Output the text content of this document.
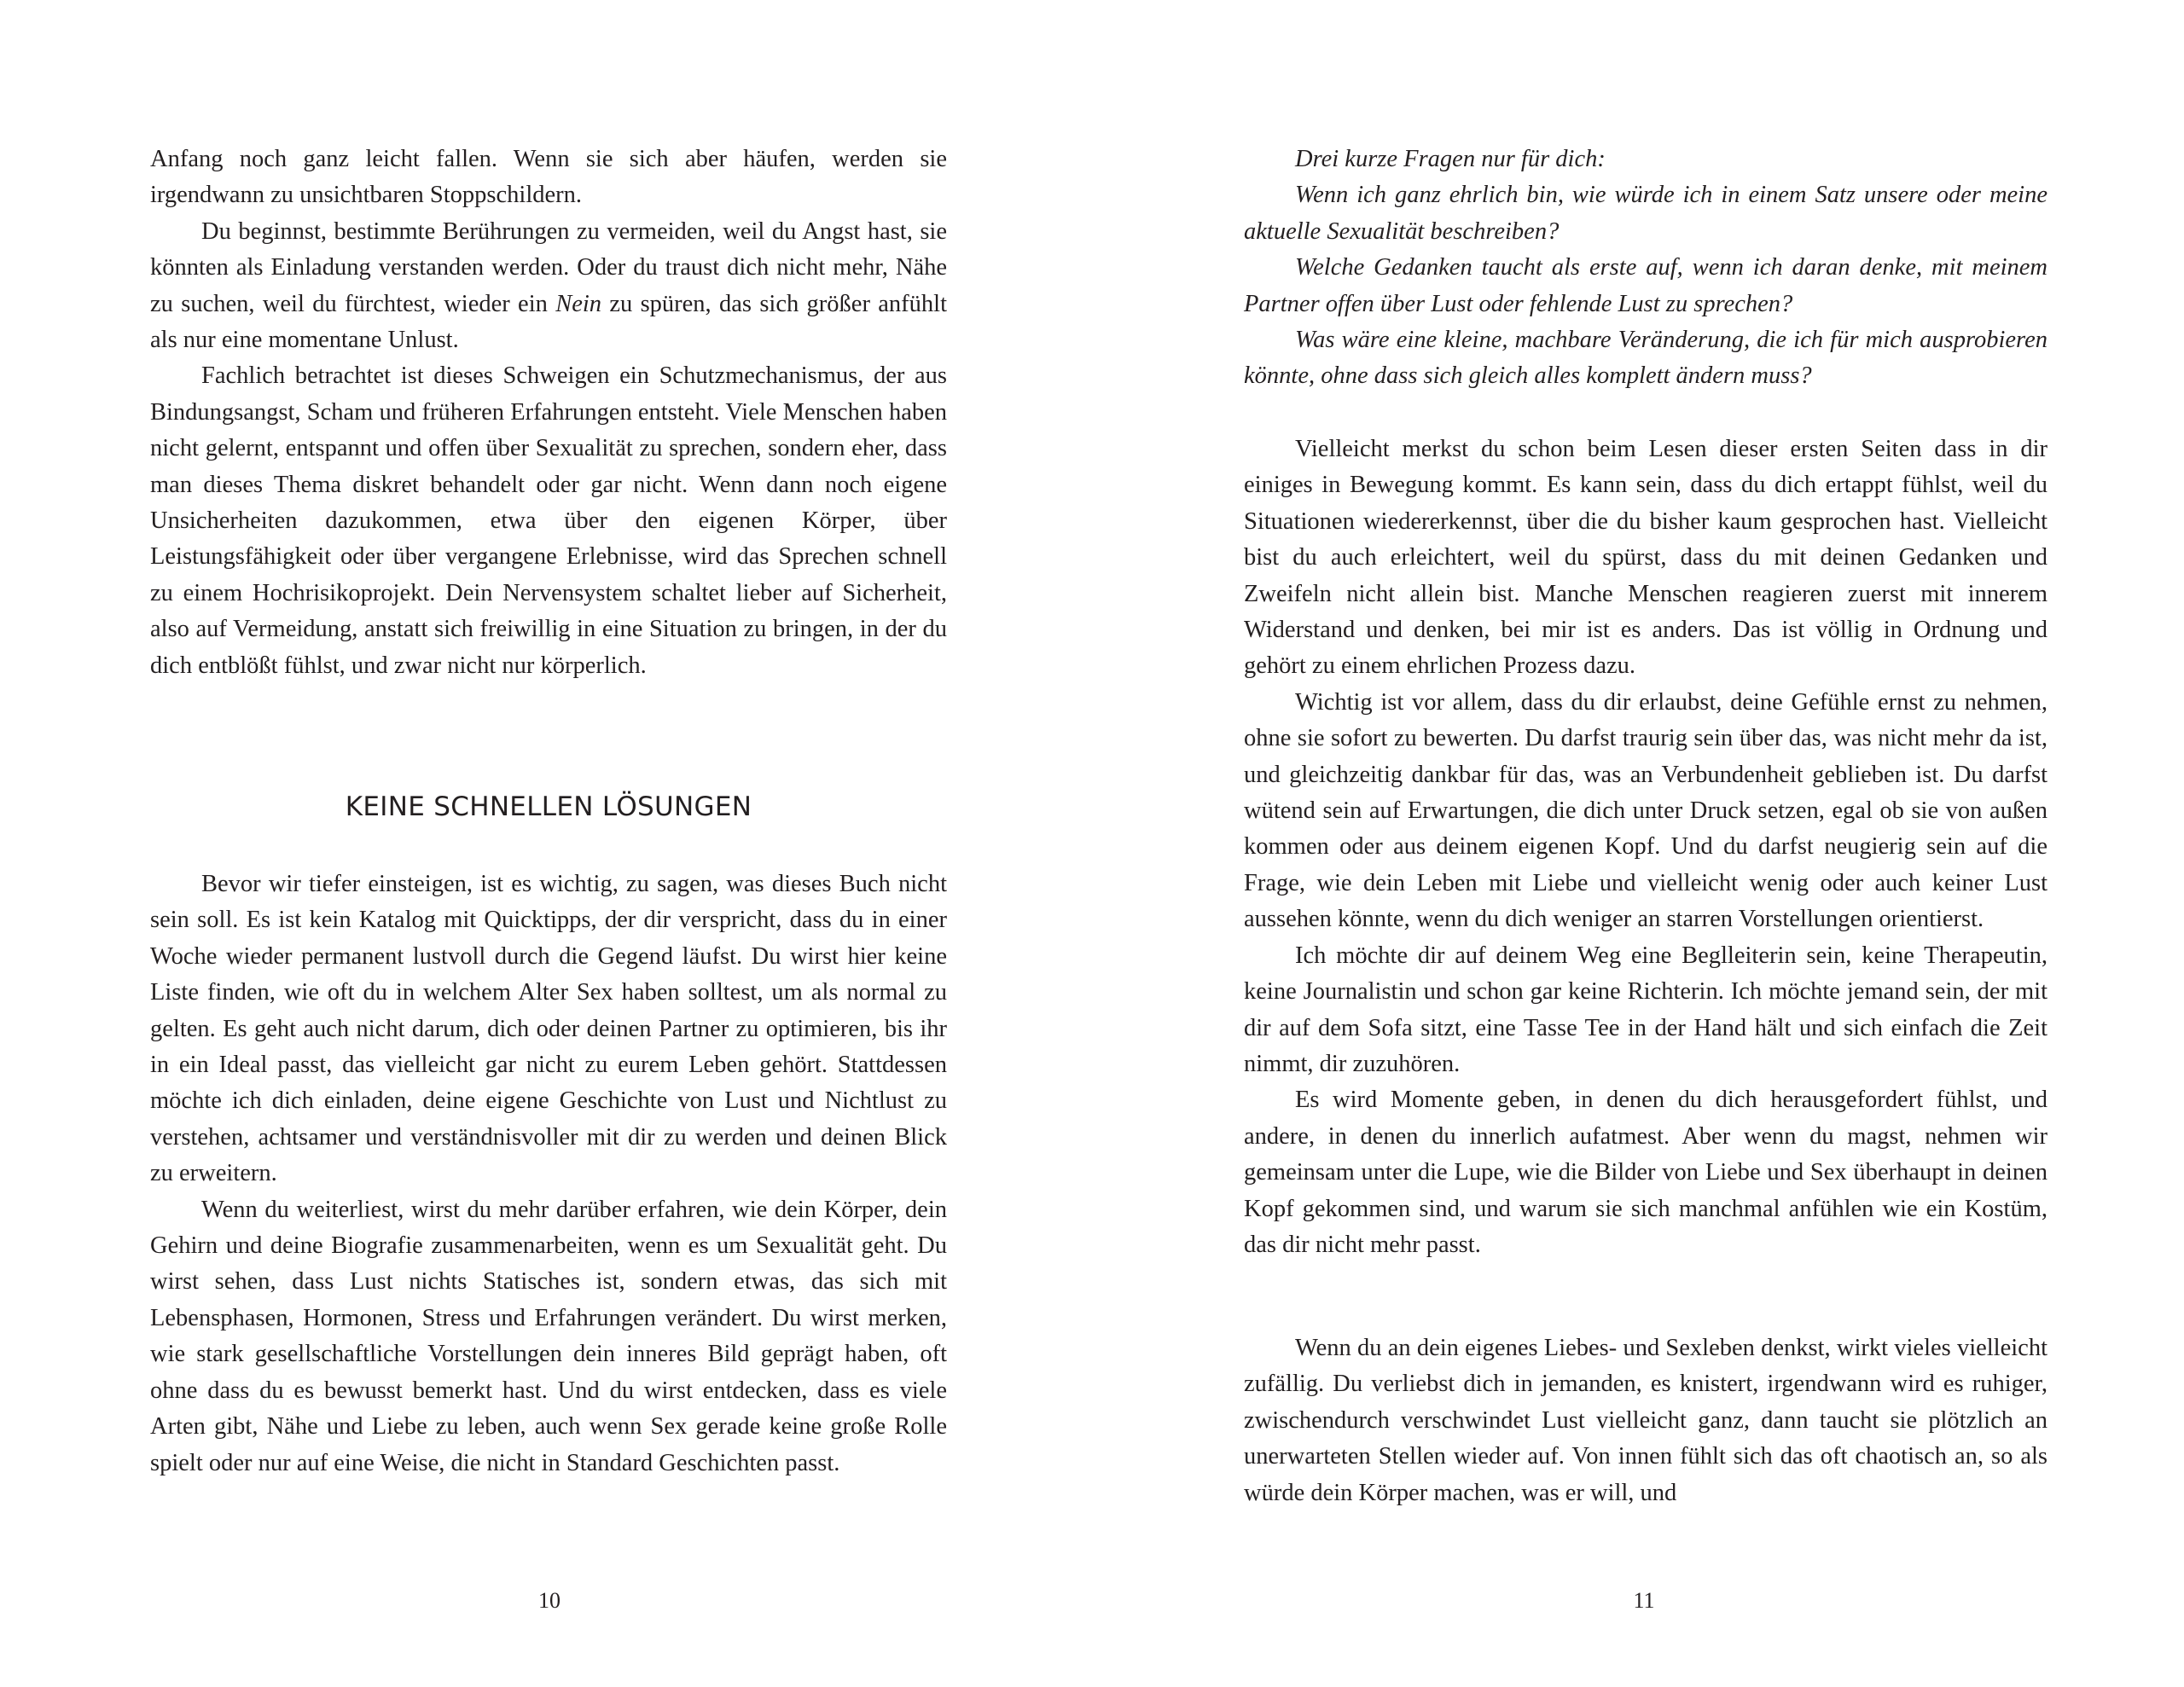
Anfang noch ganz leicht fallen. Wenn sie sich aber häufen, werden sie irgendwann zu unsichtbaren Stoppschildern.

Du beginnst, bestimmte Berührungen zu vermeiden, weil du Angst hast, sie könnten als Einladung verstanden werden. Oder du traust dich nicht mehr, Nähe zu suchen, weil du fürchtest, wieder ein Nein zu spüren, das sich größer anfühlt als nur eine momentane Unlust.

Fachlich betrachtet ist dieses Schweigen ein Schutzmechanismus, der aus Bindungsangst, Scham und früheren Erfahrungen entsteht. Viele Menschen haben nicht gelernt, entspannt und offen über Sexualität zu sprechen, sondern eher, dass man dieses Thema diskret behandelt oder gar nicht. Wenn dann noch eigene Unsicherheiten dazukommen, etwa über den eigenen Körper, über Leistungsfähigkeit oder über vergangene Erlebnisse, wird das Sprechen schnell zu einem Hochrisikoprojekt. Dein Nervensystem schaltet lieber auf Sicherheit, also auf Vermeidung, anstatt sich freiwillig in eine Situation zu bringen, in der du dich entblößt fühlst, und zwar nicht nur körperlich.

KEINE SCHNELLEN LÖSUNGEN

Bevor wir tiefer einsteigen, ist es wichtig, zu sagen, was dieses Buch nicht sein soll. Es ist kein Katalog mit Quicktipps, der dir verspricht, dass du in einer Woche wieder permanent lustvoll durch die Gegend läufst. Du wirst hier keine Liste finden, wie oft du in welchem Alter Sex haben solltest, um als normal zu gelten. Es geht auch nicht darum, dich oder deinen Partner zu optimieren, bis ihr in ein Ideal passt, das vielleicht gar nicht zu eurem Leben gehört. Stattdessen möchte ich dich einladen, deine eigene Geschichte von Lust und Nichtlust zu verstehen, achtsamer und verständnisvoller mit dir zu werden und deinen Blick zu erweitern.

Wenn du weiterliest, wirst du mehr darüber erfahren, wie dein Körper, dein Gehirn und deine Biografie zusammenarbeiten, wenn es um Sexualität geht. Du wirst sehen, dass Lust nichts Statisches ist, sondern etwas, das sich mit Lebensphasen, Hormonen, Stress und Erfahrungen verändert. Du wirst merken, wie stark gesellschaftliche Vorstellungen dein inneres Bild geprägt haben, oft ohne dass du es bewusst bemerkt hast. Und du wirst entdecken, dass es viele Arten gibt, Nähe und Liebe zu leben, auch wenn Sex gerade keine große Rolle spielt oder nur auf eine Weise, die nicht in Standard Geschichten passt.

10

Drei kurze Fragen nur für dich:

Wenn ich ganz ehrlich bin, wie würde ich in einem Satz unsere oder meine aktuelle Sexualität beschreiben?

Welche Gedanken taucht als erste auf, wenn ich daran denke, mit meinem Partner offen über Lust oder fehlende Lust zu sprechen?

Was wäre eine kleine, machbare Veränderung, die ich für mich ausprobieren könnte, ohne dass sich gleich alles komplett ändern muss?

Vielleicht merkst du schon beim Lesen dieser ersten Seiten dass in dir einiges in Bewegung kommt. Es kann sein, dass du dich ertappt fühlst, weil du Situationen wiedererkennst, über die du bisher kaum gesprochen hast. Vielleicht bist du auch erleichtert, weil du spürst, dass du mit deinen Gedanken und Zweifeln nicht allein bist. Manche Menschen reagieren zuerst mit innerem Widerstand und denken, bei mir ist es anders. Das ist völlig in Ordnung und gehört zu einem ehrlichen Prozess dazu.

Wichtig ist vor allem, dass du dir erlaubst, deine Gefühle ernst zu nehmen, ohne sie sofort zu bewerten. Du darfst traurig sein über das, was nicht mehr da ist, und gleichzeitig dankbar für das, was an Verbundenheit geblieben ist. Du darfst wütend sein auf Erwartungen, die dich unter Druck setzen, egal ob sie von außen kommen oder aus deinem eigenen Kopf. Und du darfst neugierig sein auf die Frage, wie dein Leben mit Liebe und vielleicht wenig oder auch keiner Lust aussehen könnte, wenn du dich weniger an starren Vorstellungen orientierst.

Ich möchte dir auf deinem Weg eine Beglleiterin sein, keine Therapeutin, keine Journalistin und schon gar keine Richterin. Ich möchte jemand sein, der mit dir auf dem Sofa sitzt, eine Tasse Tee in der Hand hält und sich einfach die Zeit nimmt, dir zuzuhören.

Es wird Momente geben, in denen du dich herausgefordert fühlst, und andere, in denen du innerlich aufatmest. Aber wenn du magst, nehmen wir gemeinsam unter die Lupe, wie die Bilder von Liebe und Sex überhaupt in deinen Kopf gekommen sind, und warum sie sich manchmal anfühlen wie ein Kostüm, das dir nicht mehr passt.

Wenn du an dein eigenes Liebes- und Sexleben denkst, wirkt vieles vielleicht zufällig. Du verliebst dich in jemanden, es knistert, irgendwann wird es ruhiger, zwischendurch verschwindet Lust vielleicht ganz, dann taucht sie plötzlich an unerwarteten Stellen wieder auf. Von innen fühlt sich das oft chaotisch an, so als würde dein Körper machen, was er will, und

11
